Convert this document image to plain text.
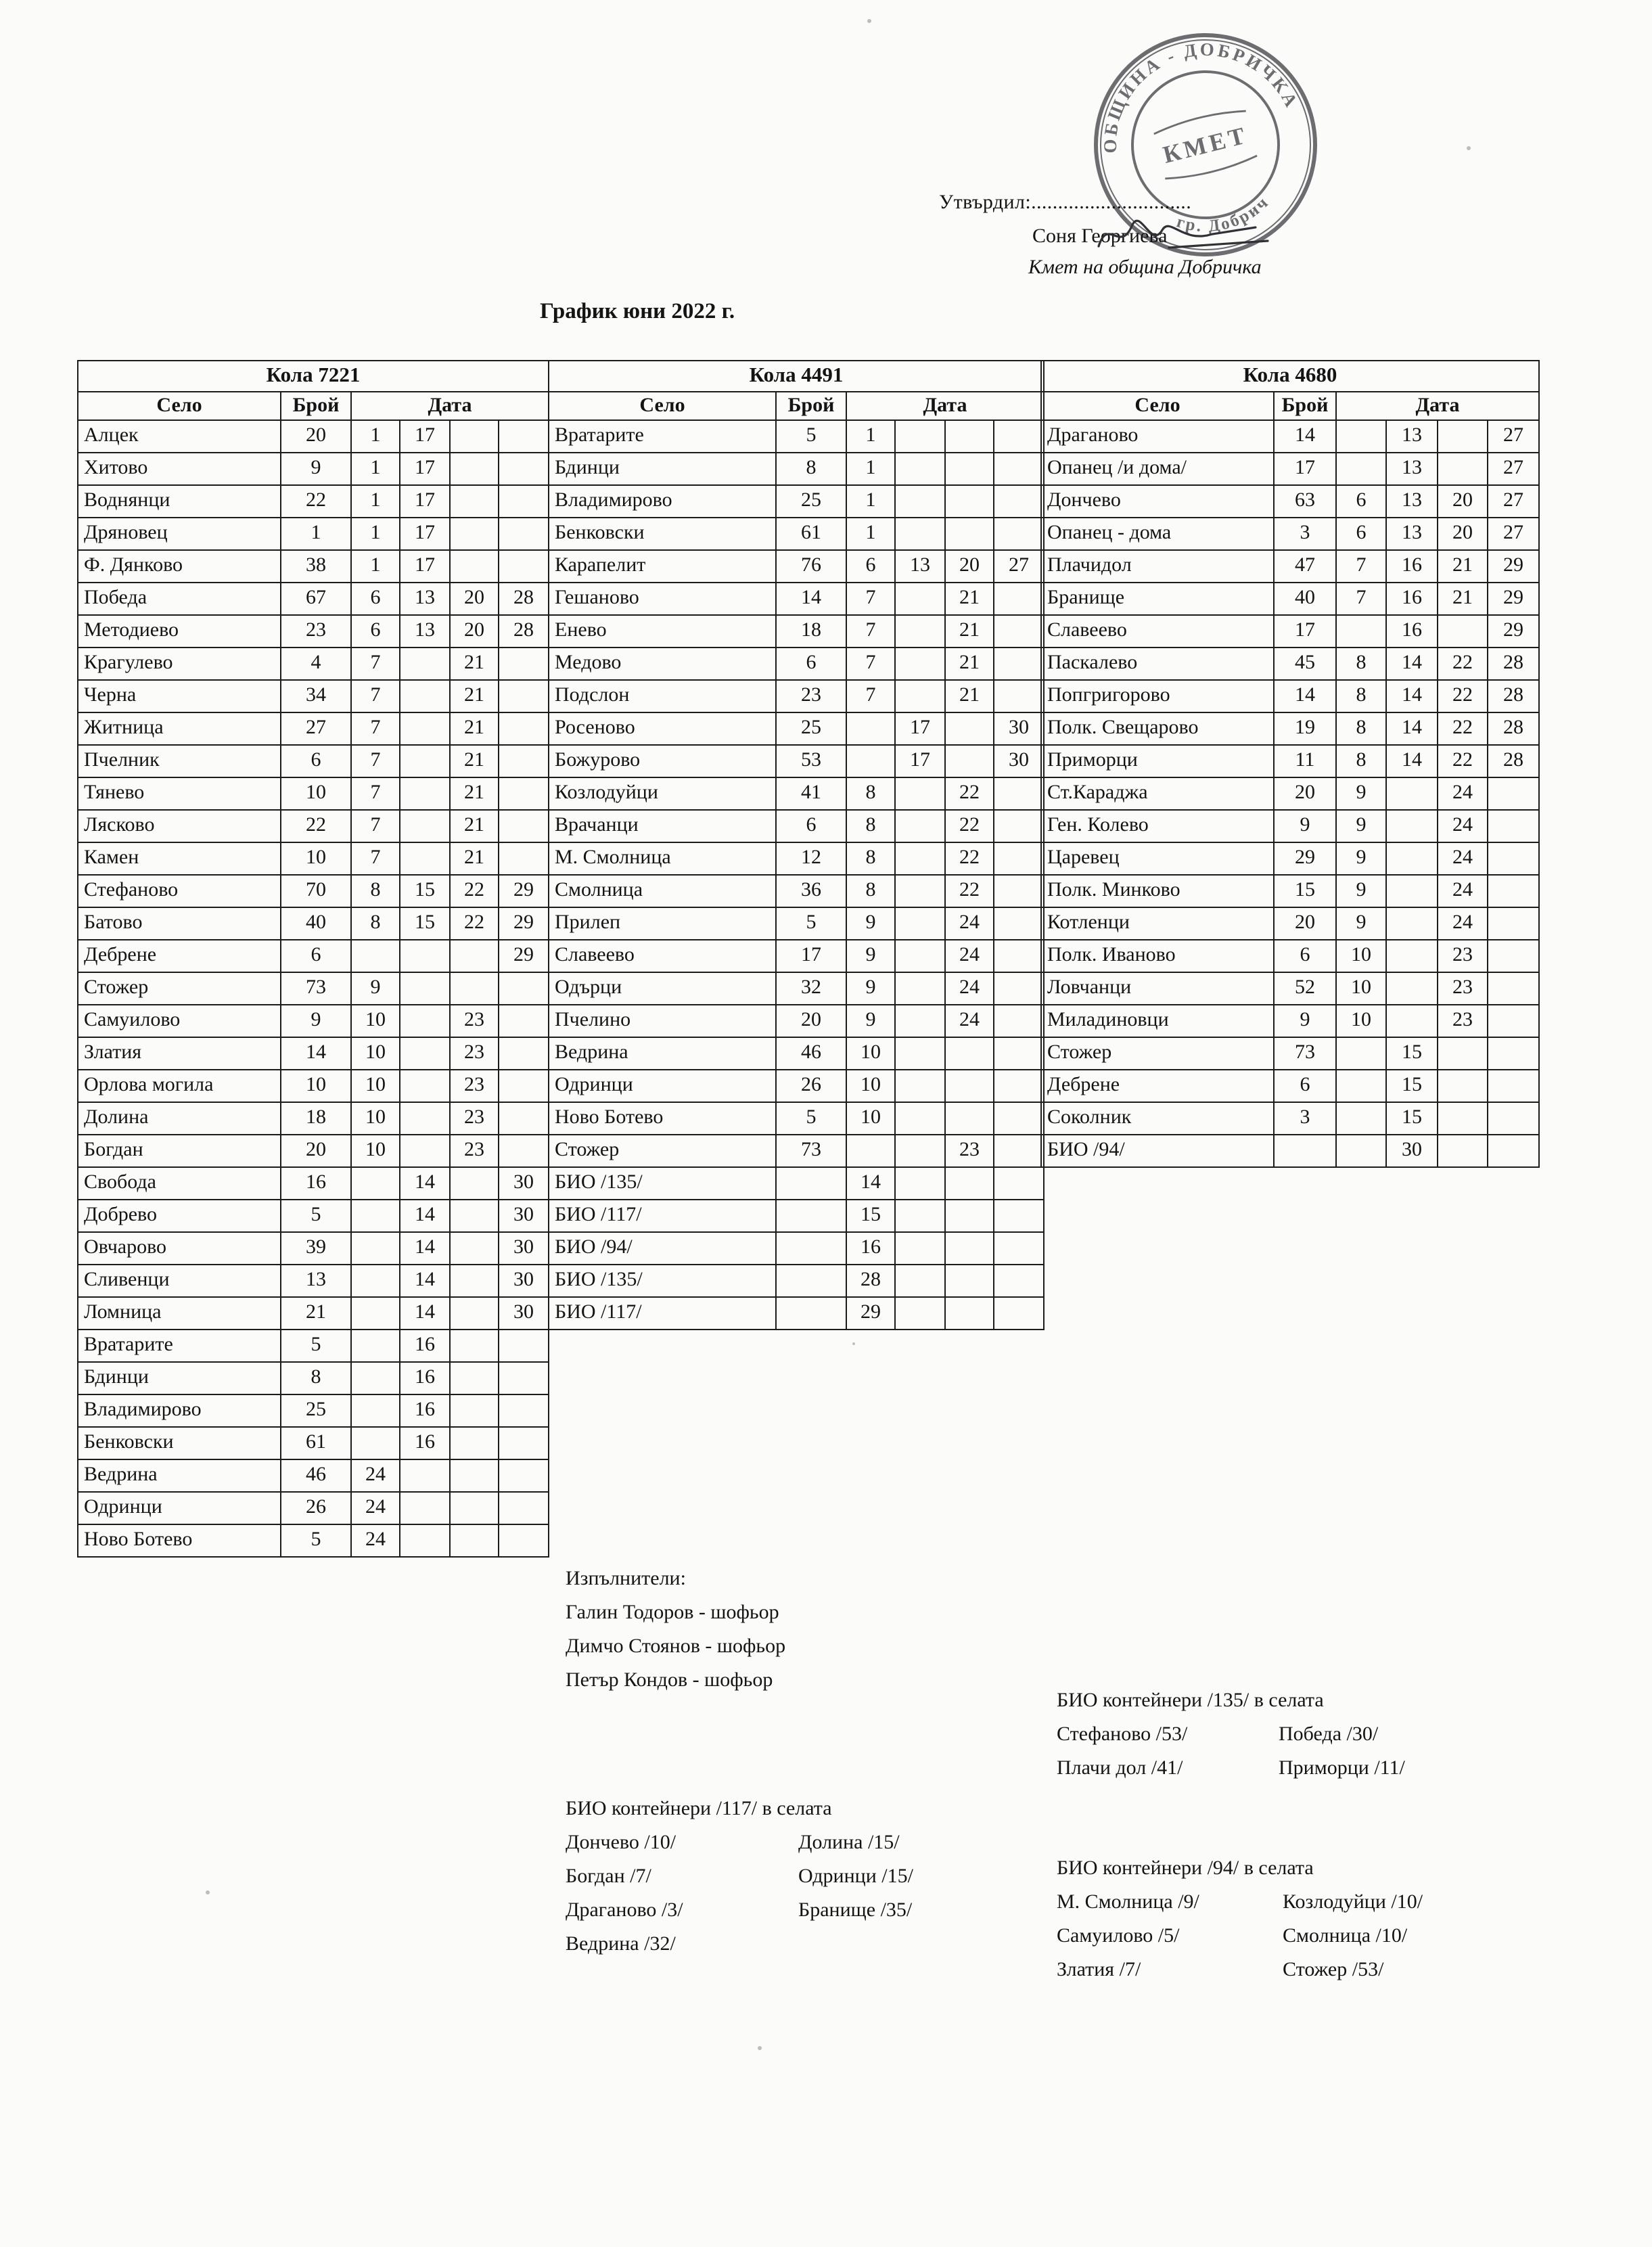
ОБЩИНА - ДОБРИЧКА
гр. Добрич
КМЕТ
Утвърдил:..............................
Соня Георгиева
Кмет на община Добричка
График юни 2022 г.
Кола 7221					
Село	Брой	Дата			
Алцек	20	1	17		
Хитово	9	1	17		
Воднянци	22	1	17		
Дряновец	1	1	17		
Ф. Дянково	38	1	17		
Победа	67	6	13	20	28
Методиево	23	6	13	20	28
Крагулево	4	7		21	
Черна	34	7		21	
Житница	27	7		21	
Пчелник	6	7		21	
Тянево	10	7		21	
Лясково	22	7		21	
Камен	10	7		21	
Стефаново	70	8	15	22	29
Батово	40	8	15	22	29
Дебрене	6				29
Стожер	73	9			
Самуилово	9	10		23	
Златия	14	10		23	
Орлова могила	10	10		23	
Долина	18	10		23	
Богдан	20	10		23	
Свобода	16		14		30
Добрево	5		14		30
Овчарово	39		14		30
Сливенци	13		14		30
Ломница	21		14		30
Вратарите	5		16		
Бдинци	8		16		
Владимирово	25		16		
Бенковски	61		16		
Ведрина	46	24			
Одринци	26	24			
Ново Ботево	5	24			
Кола 4491					
Село	Брой	Дата			
Вратарите	5	1			
Бдинци	8	1			
Владимирово	25	1			
Бенковски	61	1			
Карапелит	76	6	13	20	27
Гешаново	14	7		21	
Енево	18	7		21	
Медово	6	7		21	
Подслон	23	7		21	
Росеново	25		17		30
Божурово	53		17		30
Козлодуйци	41	8		22	
Врачанци	6	8		22	
М. Смолница	12	8		22	
Смолница	36	8		22	
Прилеп	5	9		24	
Славеево	17	9		24	
Одърци	32	9		24	
Пчелино	20	9		24	
Ведрина	46	10			
Одринци	26	10			
Ново Ботево	5	10			
Стожер	73			23	
БИО /135/		14			
БИО /117/		15			
БИО /94/		16			
БИО /135/		28			
БИО /117/		29			
Кола 4680					
Село	Брой	Дата			
Драганово	14		13		27
Опанец /и дома/	17		13		27
Дончево	63	6	13	20	27
Опанец - дома	3	6	13	20	27
Плачидол	47	7	16	21	29
Бранище	40	7	16	21	29
Славеево	17		16		29
Паскалево	45	8	14	22	28
Попгригорово	14	8	14	22	28
Полк. Свещарово	19	8	14	22	28
Приморци	11	8	14	22	28
Ст.Караджа	20	9		24	
Ген. Колево	9	9		24	
Царевец	29	9		24	
Полк. Минково	15	9		24	
Котленци	20	9		24	
Полк. Иваново	6	10		23	
Ловчанци	52	10		23	
Миладиновци	9	10		23	
Стожер	73		15		
Дебрене	6		15		
Соколник	3		15		
БИО /94/			30		
Изпълнители:
Галин Тодоров - шофьор
Димчо Стоянов - шофьор
Петър Кондов - шофьор
БИО контейнери /135/ в селата
Стефаново /53/	Победа /30/
Плачи дол /41/	Приморци /11/
БИО контейнери /117/ в селата
Дончево /10/	Долина /15/
Богдан /7/	Одринци /15/
Драганово /3/	Бранище /35/
Ведрина /32/
БИО контейнери /94/ в селата
М. Смолница /9/	Козлодуйци /10/
Самуилово /5/	Смолница /10/
Златия /7/	Стожер /53/
